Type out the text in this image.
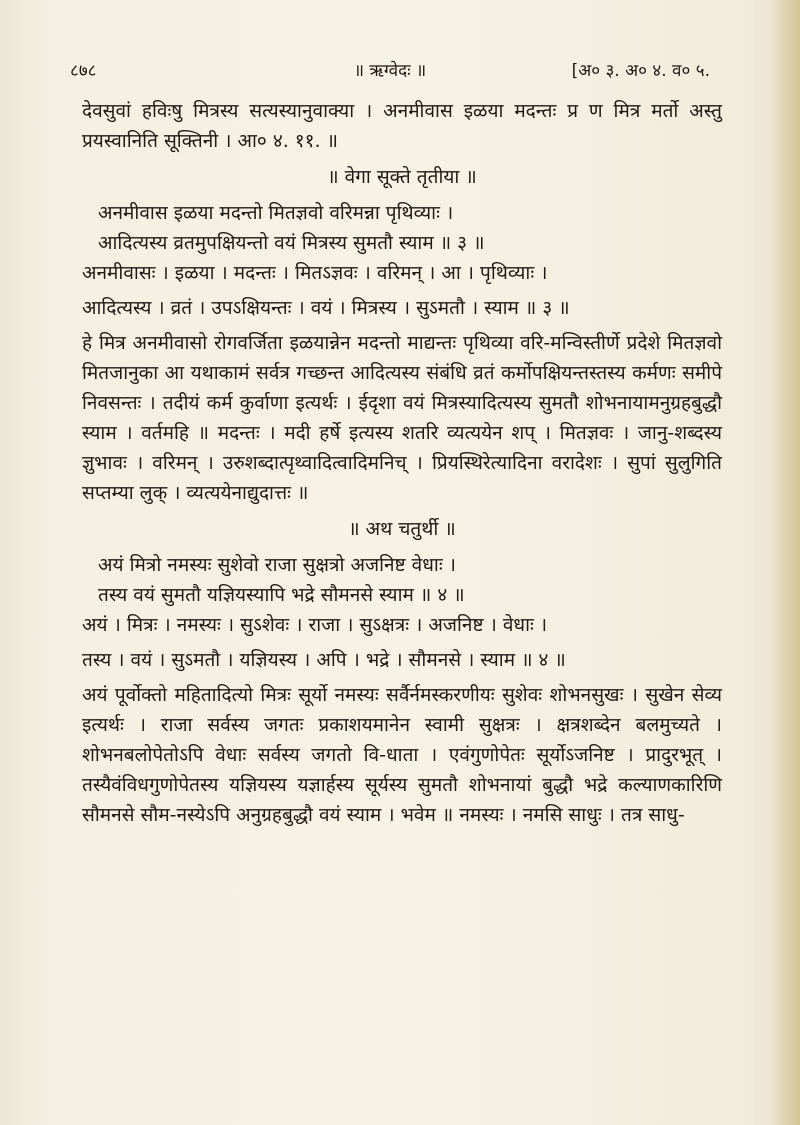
८७८	॥ ऋग्वेदः ॥	[अ० ३. अ० ४. व० ५.

देवसुवां हविःषु मित्रस्य सत्यस्यानुवाक्या । अनमीवास इळया मदन्तः प्र ण मित्र मर्तो अस्तु प्रयस्वानिति सूक्तिनी । आ० ४. ११. ॥

॥ वेगा सूक्ते तृतीया ॥

अनमीवास इळया मदन्तो मितज्ञवो वरिमन्ना पृथिव्याः ।

आदित्यस्य व्रतमुपक्षियन्तो वयं मित्रस्य सुमतौ स्याम ॥ ३ ॥

अनमीवासः । इळया । मदन्तः । मितऽज्ञवः । वरिमन् । आ । पृथिव्याः ।

आदित्यस्य । व्रतं । उपऽक्षियन्तः । वयं । मित्रस्य । सुऽमतौ । स्याम ॥ ३ ॥

हे मित्र अनमीवासो रोगवर्जिता इळयान्नेन मदन्तो माद्यन्तः पृथिव्या वरि-मन्विस्तीर्णे प्रदेशे मितज्ञवो मितजानुका आ यथाकामं सर्वत्र गच्छन्त आदित्यस्य संबंधि व्रतं कर्मोपक्षियन्तस्तस्य कर्मणः समीपे निवसन्तः । तदीयं कर्म कुर्वाणा इत्यर्थः । ईदृशा वयं मित्रस्यादित्यस्य सुमतौ शोभनायामनुग्रहबुद्धौ स्याम । वर्तमहि ॥ मदन्तः । मदी हर्षे इत्यस्य शतरि व्यत्ययेन शप् । मितज्ञवः । जानु-शब्दस्य ज्ञुभावः । वरिमन् । उरुशब्दात्पृथ्वादित्वादिमनिच् । प्रियस्थिरेत्यादिना वरादेशः । सुपां सुलुगिति सप्तम्या लुक् । व्यत्ययेनाद्युदात्तः ॥

॥ अथ चतुर्थी ॥

अयं मित्रो नमस्यः सुशेवो राजा सुक्षत्रो अजनिष्ट वेधाः ।

तस्य वयं सुमतौ यज्ञियस्यापि भद्रे सौमनसे स्याम ॥ ४ ॥

अयं । मित्रः । नमस्यः । सुऽशेवः । राजा । सुऽक्षत्रः । अजनिष्ट । वेधाः ।

तस्य । वयं । सुऽमतौ । यज्ञियस्य । अपि । भद्रे । सौमनसे । स्याम ॥ ४ ॥

अयं पूर्वोक्तो महितादित्यो मित्रः सूर्यो नमस्यः सर्वैर्नमस्करणीयः सुशेवः शोभनसुखः । सुखेन सेव्य इत्यर्थः । राजा सर्वस्य जगतः प्रकाशयमानेन स्वामी सुक्षत्रः । क्षत्रशब्देन बलमुच्यते । शोभनबलोपेतोऽपि वेधाः सर्वस्य जगतो वि-धाता । एवंगुणोपेतः सूर्योऽजनिष्ट । प्रादुरभूत् । तस्यैवंविधगुणोपेतस्य यज्ञियस्य यज्ञार्हस्य सूर्यस्य सुमतौ शोभनायां बुद्धौ भद्रे कल्याणकारिणि सौमनसे सौम-नस्येऽपि अनुग्रहबुद्धौ वयं स्याम । भवेम ॥ नमस्यः । नमसि साधुः । तत्र साधु-
